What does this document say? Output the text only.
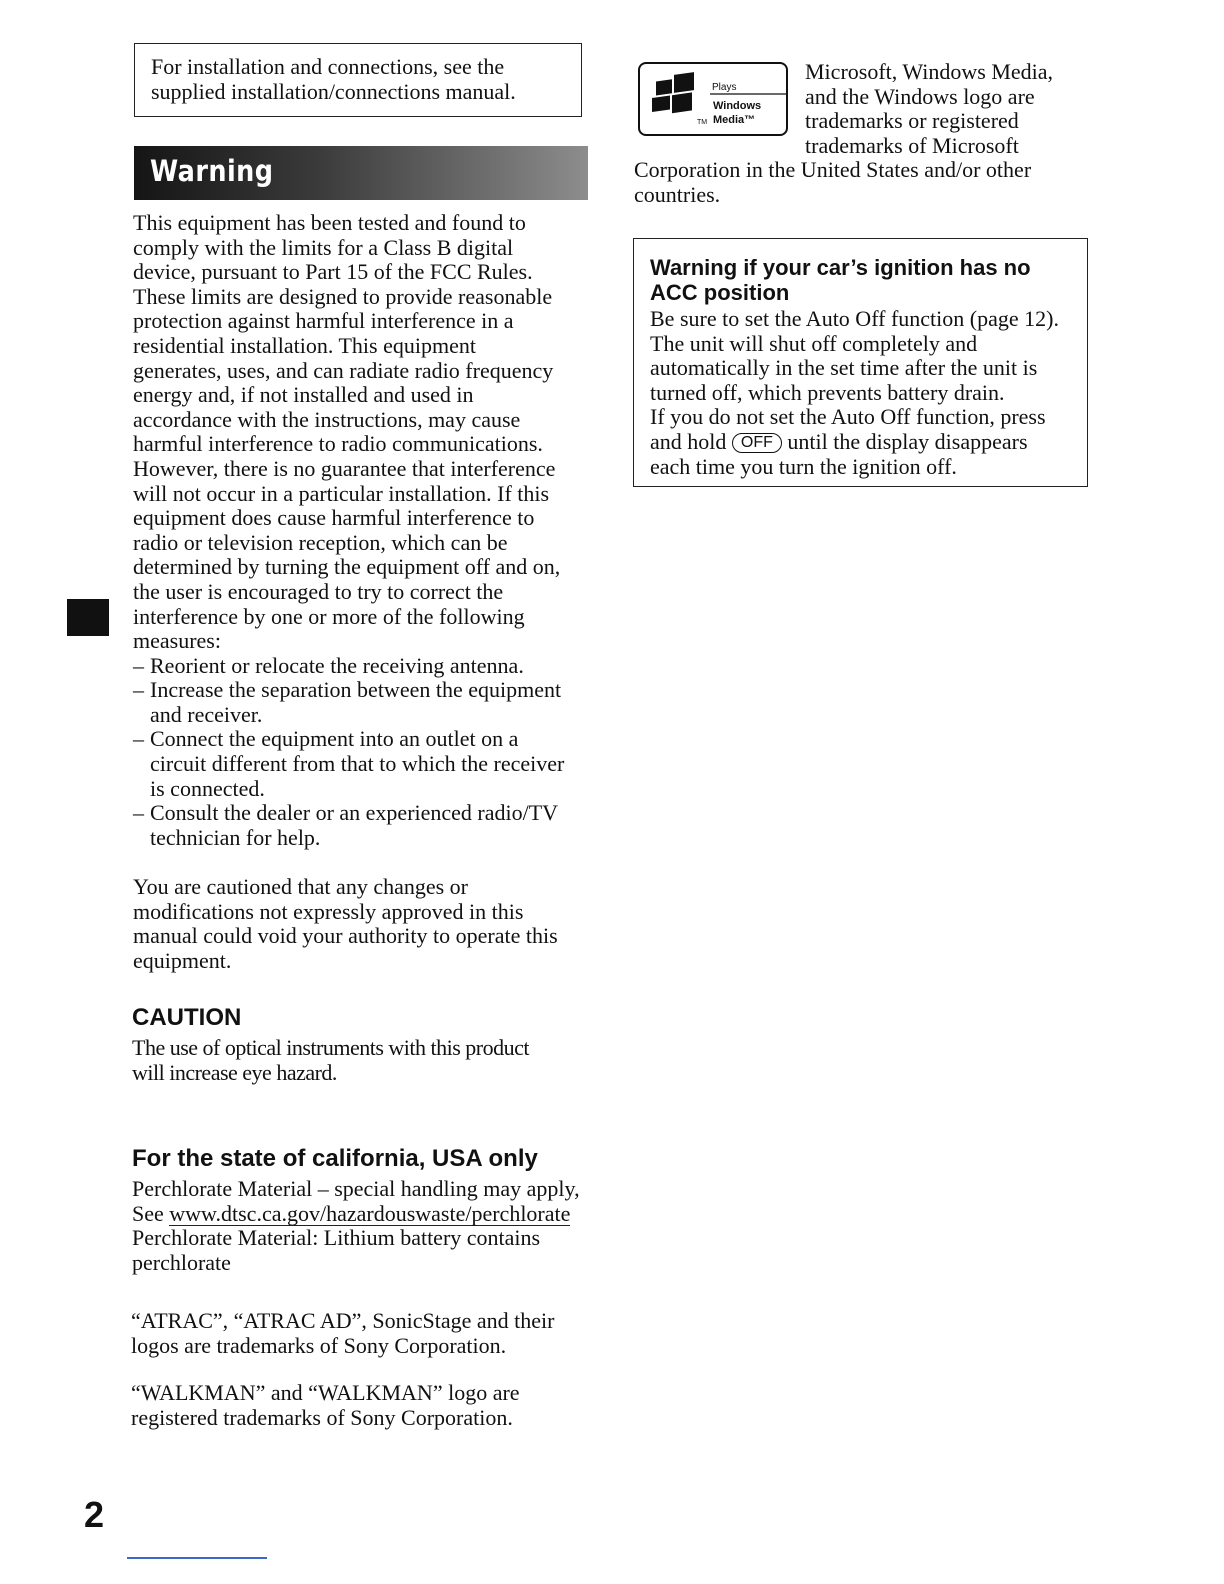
For installation and connections, see the
supplied installation/connections manual.
Warning
This equipment has been tested and found to
comply with the limits for a Class B digital
device, pursuant to Part 15 of the FCC Rules.
These limits are designed to provide reasonable
protection against harmful interference in a
residential installation. This equipment
generates, uses, and can radiate radio frequency
energy and, if not installed and used in
accordance with the instructions, may cause
harmful interference to radio communications.
However, there is no guarantee that interference
will not occur in a particular installation. If this
equipment does cause harmful interference to
radio or television reception, which can be
determined by turning the equipment off and on,
the user is encouraged to try to correct the
interference by one or more of the following
measures:
– Reorient or relocate the receiving antenna.
– Increase the separation between the equipment
and receiver.
– Connect the equipment into an outlet on a
circuit different from that to which the receiver
is connected.
– Consult the dealer or an experienced radio/TV
technician for help.
You are cautioned that any changes or
modifications not expressly approved in this
manual could void your authority to operate this
equipment.
CAUTION
The use of optical instruments with this product
will increase eye hazard.
For the state of california, USA only
Perchlorate Material – special handling may apply,
See www.dtsc.ca.gov/hazardouswaste/perchlorate
Perchlorate Material: Lithium battery contains
perchlorate
“ATRAC”, “ATRAC AD”, SonicStage and their
logos are trademarks of Sony Corporation.
“WALKMAN” and “WALKMAN” logo are
registered trademarks of Sony Corporation.
2
Plays
Windows
Media™
TM
Microsoft, Windows Media,
and the Windows logo are
trademarks or registered
trademarks of Microsoft
Corporation in the United States and/or other
countries.
Warning if your car’s ignition has no
ACC position
Be sure to set the Auto Off function (page 12).
The unit will shut off completely and
automatically in the set time after the unit is
turned off, which prevents battery drain.
If you do not set the Auto Off function, press
and hold OFF until the display disappears
each time you turn the ignition off.
